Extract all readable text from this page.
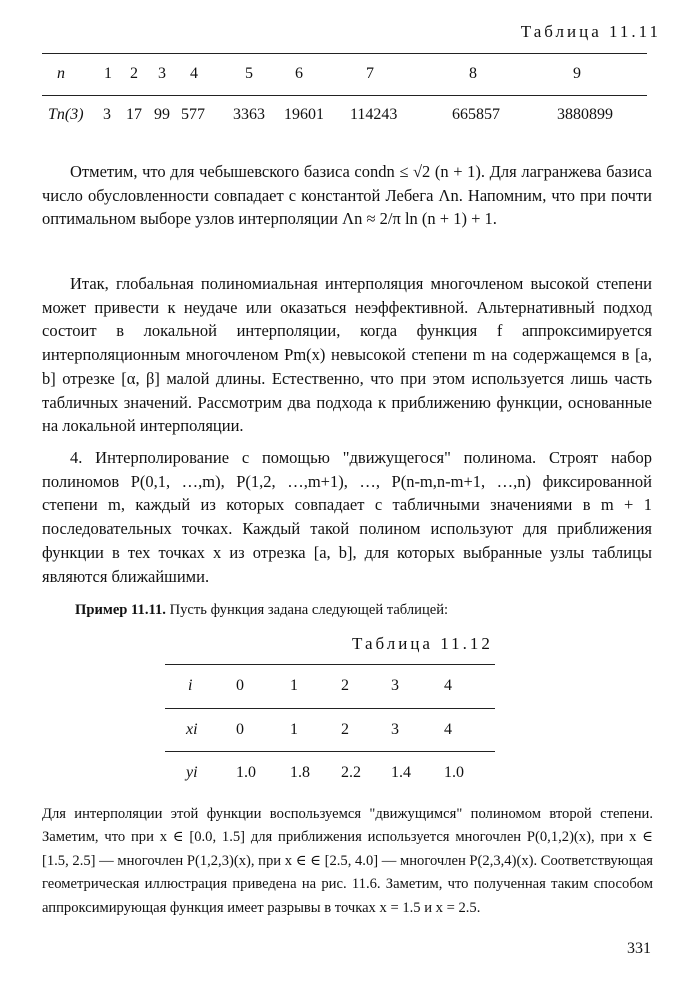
Таблица 11.11
n 1 2 3 4	5	6	7	8	9
Tn(3) 3 17 99 577 3363 19601 114243	665857	3880899
Отметим, что для чебышевского базиса condn ≤ √2 (n + 1). Для лагранжева базиса число обусловленности совпадает с константой Лебега Λn. Напомним, что при почти оптимальном выборе узлов интерполяции Λn ≈ 2/π ln (n + 1) + 1.
Итак, глобальная полиномиальная интерполяция многочленом высокой степени может привести к неудаче или оказаться неэффективной. Альтернативный подход состоит в локальной интерполяции, когда функция f аппроксимируется интерполяционным многочленом Pm(x) невысокой степени m на содержащемся в [a, b] отрезке [α, β] малой длины. Естественно, что при этом используется лишь часть табличных значений. Рассмотрим два подхода к приближению функции, основанные на локальной интерполяции.
4. Интерполирование с помощью "движущегося" полинома. Строят набор полиномов P(0,1, …,m), P(1,2, …,m+1), …, P(n-m,n-m+1, …,n) фиксированной степени m, каждый из которых совпадает с табличными значениями в m + 1 последовательных точках. Каждый такой полином используют для приближения функции в тех точках x из отрезка [a, b], для которых выбранные узлы таблицы являются ближайшими.
Пример 11.11. Пусть функция задана следующей таблицей:
Таблица 11.12
i	0	1	2	3	4
xi 0	1	2	3	4
yi 1.0 1.8 2.2 1.4 1.0
Для интерполяции этой функции воспользуемся "движущимся" полиномом второй степени. Заметим, что при x ∈ [0.0, 1.5] для приближения используется многочлен P(0,1,2)(x), при x ∈ [1.5, 2.5] — многочлен P(1,2,3)(x), при x ∈ ∈ [2.5, 4.0] — многочлен P(2,3,4)(x). Соответствующая геометрическая иллюстрация приведена на рис. 11.6. Заметим, что полученная таким способом аппроксимирующая функция имеет разрывы в точках x = 1.5 и x = 2.5.
331
